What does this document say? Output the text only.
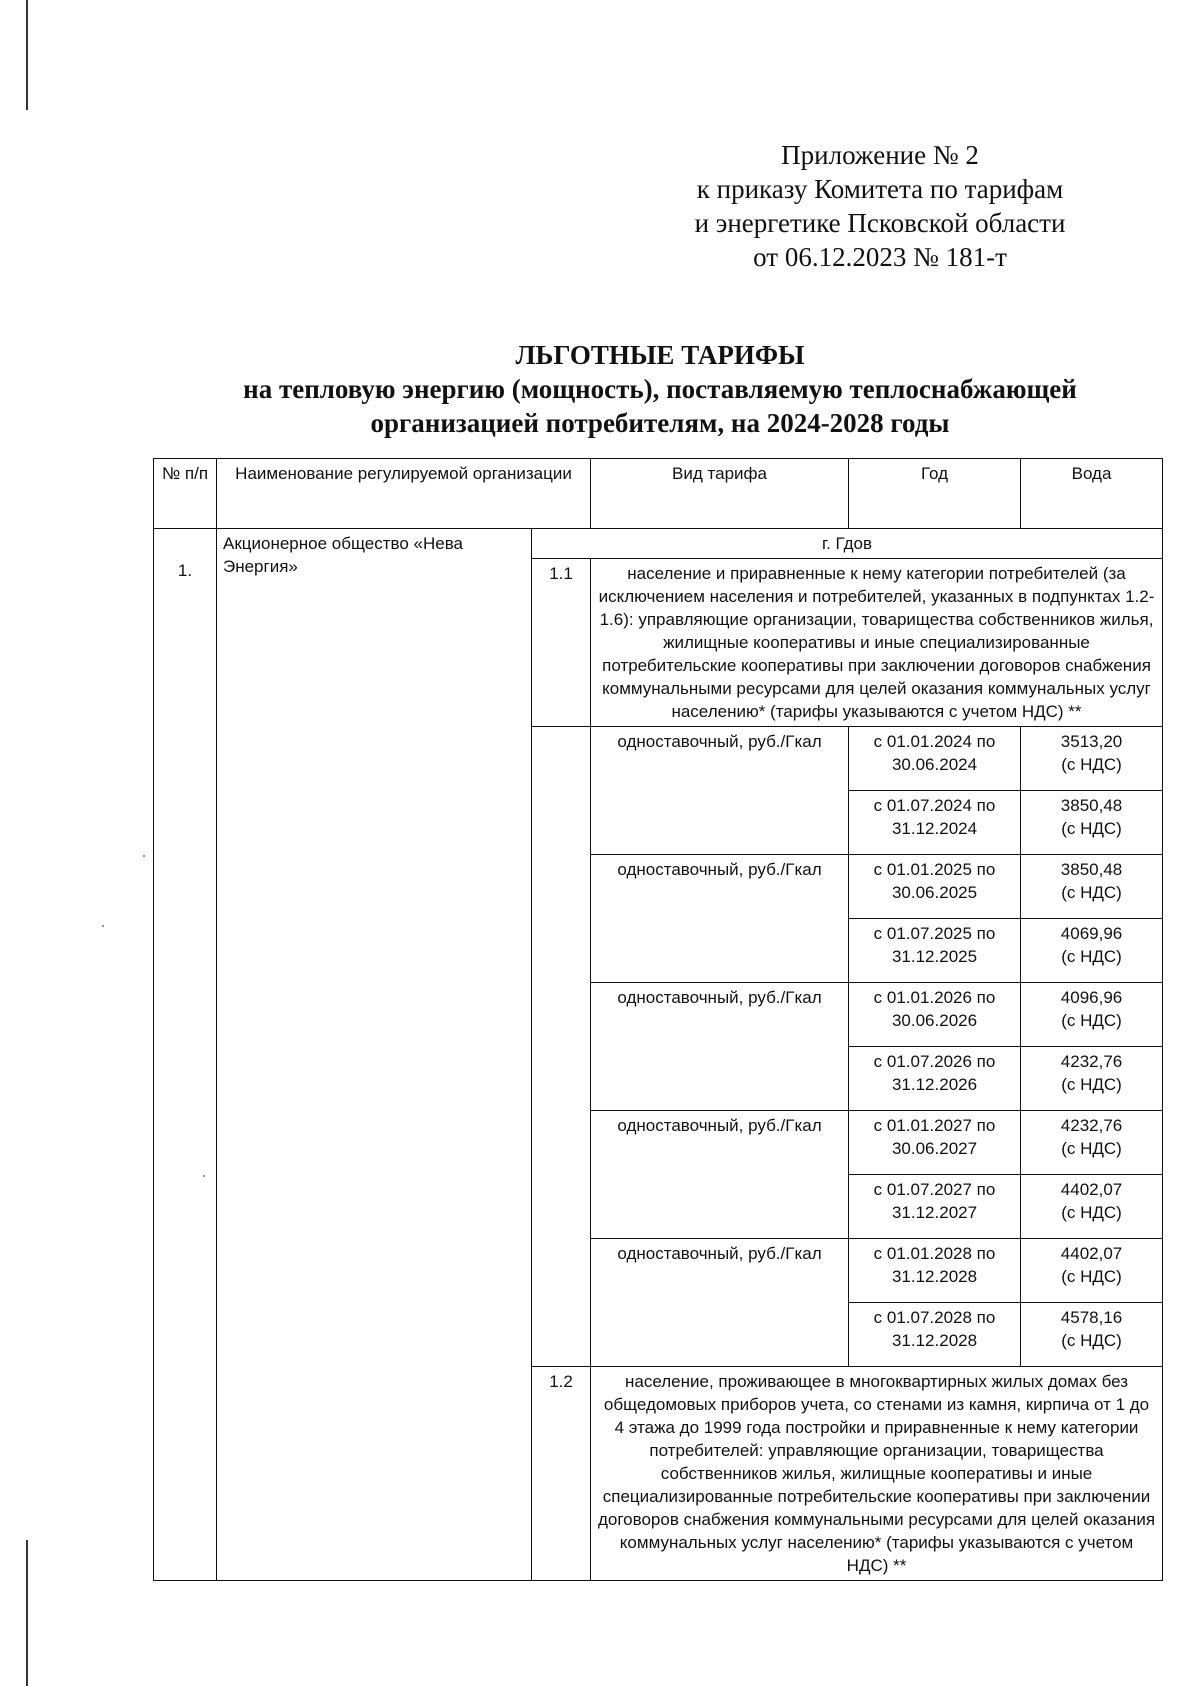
Приложение № 2
к приказу Комитета по тарифам
и энергетике Псковской области
от 06.12.2023 № 181-т
ЛЬГОТНЫЕ ТАРИФЫ
на тепловую энергию (мощность), поставляемую теплоснабжающей
организацией потребителям, на 2024-2028 годы
№ п/п	Наименование регулируемой организации		Вид тарифа	Год	Вода
1.	Акционерное общество «Нева Энергия»	г. Гдов			
		1.1	население и приравненные к нему категории потребителей (за исключением населения и потребителей, указанных в подпунктах 1.2-1.6): управляющие организации, товарищества собственников жилья, жилищные кооперативы и иные специализированные потребительские кооперативы при заключении договоров снабжения коммунальными ресурсами для целей оказания коммунальных услуг населению* (тарифы указываются с учетом НДС) **		
			одноставочный, руб./Гкал	с 01.01.2024 по 30.06.2024	3513,20
(с НДС)

				с 01.07.2024 по 31.12.2024	3850,48
(с НДС)

			одноставочный, руб./Гкал	с 01.01.2025 по 30.06.2025	3850,48
(с НДС)

				с 01.07.2025 по 31.12.2025	4069,96
(с НДС)

			одноставочный, руб./Гкал	с 01.01.2026 по 30.06.2026	4096,96
(с НДС)

				с 01.07.2026 по 31.12.2026	4232,76
(с НДС)

			одноставочный, руб./Гкал	с 01.01.2027 по 30.06.2027	4232,76
(с НДС)

				с 01.07.2027 по 31.12.2027	4402,07
(с НДС)

			одноставочный, руб./Гкал	с 01.01.2028 по 31.12.2028	4402,07
(с НДС)

				с 01.07.2028 по 31.12.2028	4578,16
(с НДС)

		1.2	население, проживающее в многоквартирных жилых домах без общедомовых приборов учета, со стенами из камня, кирпича от 1 до 4 этажа до 1999 года постройки и приравненные к нему категории потребителей: управляющие организации, товарищества собственников жилья, жилищные кооперативы и иные специализированные потребительские кооперативы при заключении договоров снабжения коммунальными ресурсами для целей оказания коммунальных услуг населению* (тарифы указываются с учетом НДС) **		
